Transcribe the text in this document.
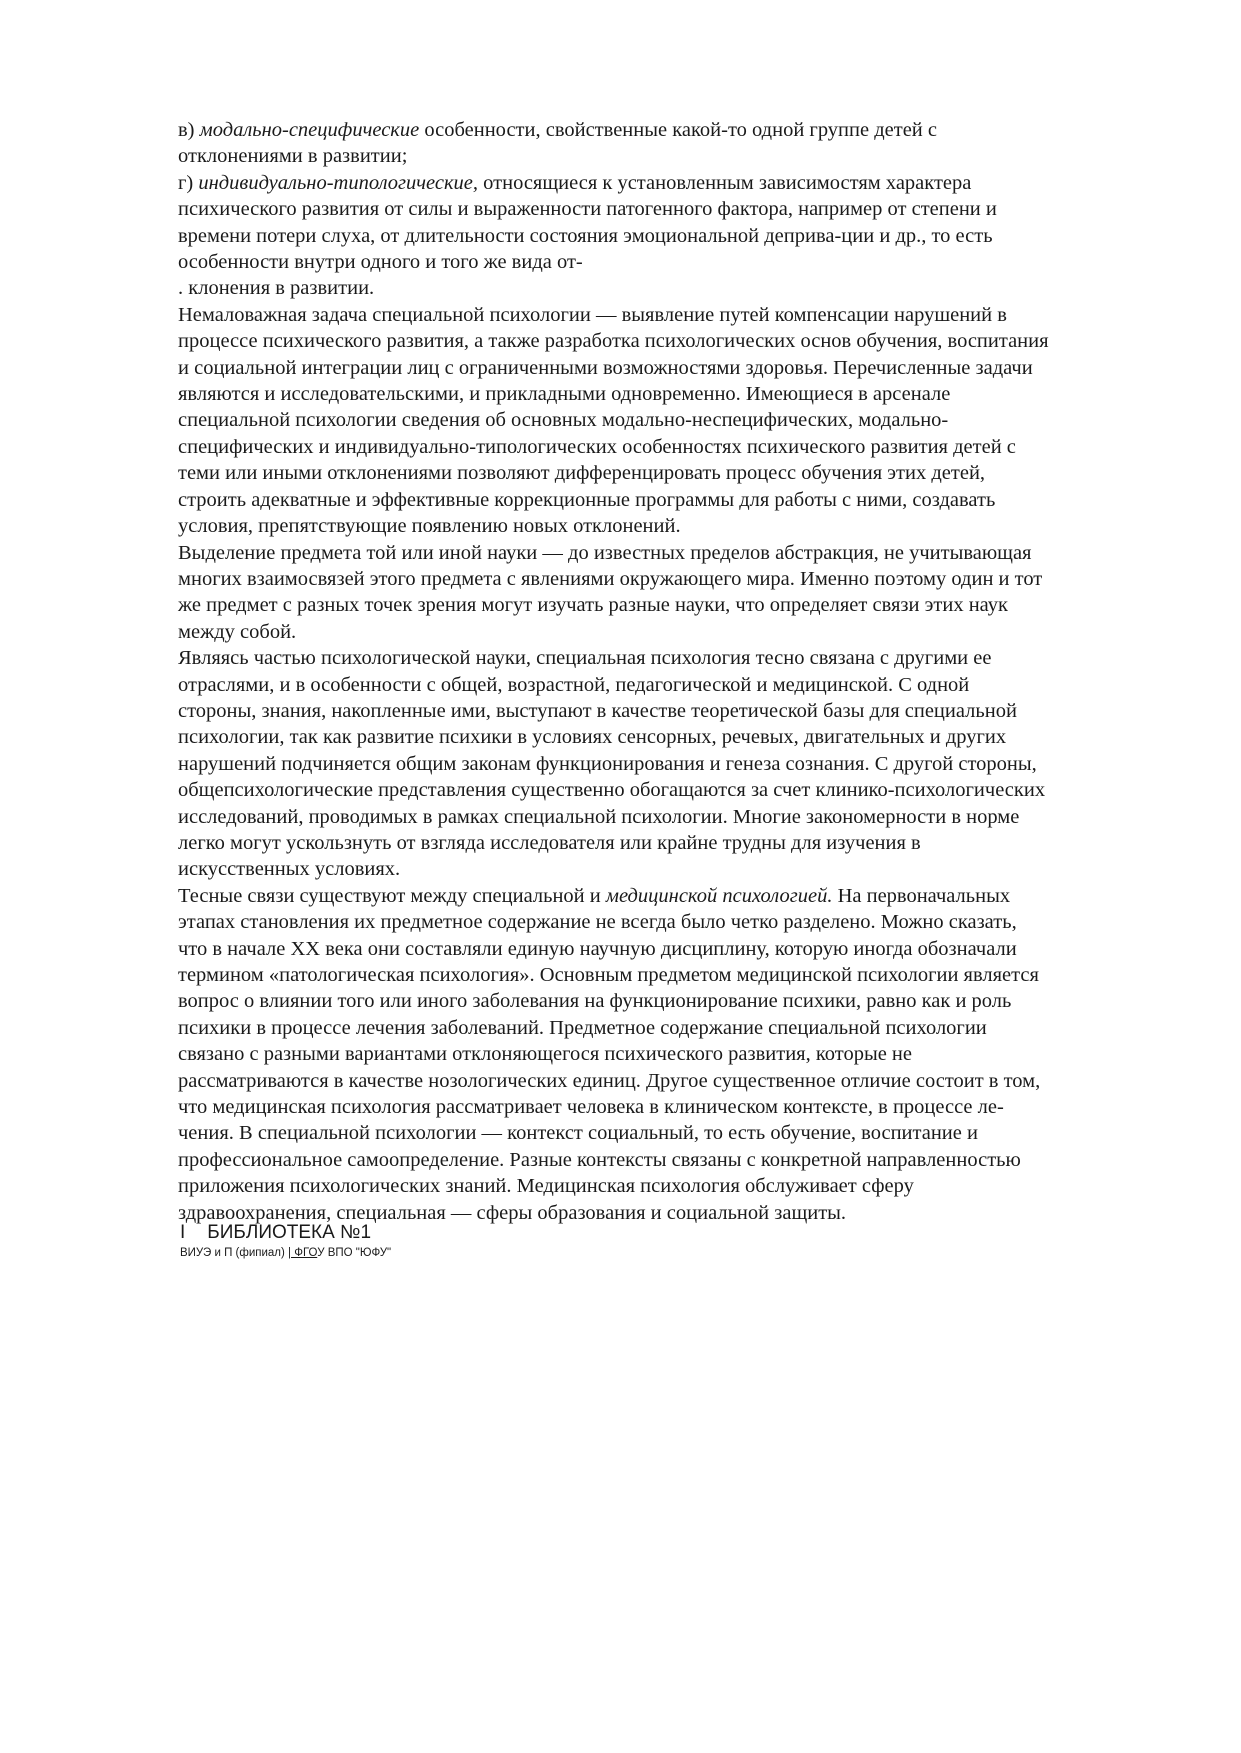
в) модально-специфические особенности, свойственные какой-то одной группе детей с
отклонениями в развитии;
г) индивидуально-типологические, относящиеся к установленным зависимостям характера
психического развития от силы и выраженности патогенного фактора, например от степени и
времени потери слуха, от длительности состояния эмоциональной деприва-ции и др., то есть
особенности внутри одного и того же вида от-
. клонения в развитии.
Немаловажная задача специальной психологии — выявление путей компенсации нарушений в
процессе психического развития, а также разработка психологических основ обучения, воспитания
и социальной интеграции лиц с ограниченными возможностями здоровья. Перечисленные задачи
являются и исследовательскими, и прикладными одновременно. Имеющиеся в арсенале
специальной психологии сведения об основных модально-неспецифических, модально-
специфических и индивидуально-типологических особенностях психического развития детей с
теми или иными отклонениями позволяют дифференцировать процесс обучения этих детей,
строить адекватные и эффективные коррекционные программы для работы с ними, создавать
условия, препятствующие появлению новых отклонений.
Выделение предмета той или иной науки — до известных пределов абстракция, не учитывающая
многих взаимосвязей этого предмета с явлениями окружающего мира. Именно поэтому один и тот
же предмет с разных точек зрения могут изучать разные науки, что определяет связи этих наук
между собой.
Являясь частью психологической науки, специальная психология тесно связана с другими ее
отраслями, и в особенности с общей, возрастной, педагогической и медицинской. С одной
стороны, знания, накопленные ими, выступают в качестве теоретической базы для специальной
психологии, так как развитие психики в условиях сенсорных, речевых, двигательных и других
нарушений подчиняется общим законам функционирования и генеза сознания. С другой стороны,
общепсихологические представления существенно обогащаются за счет клинико-психологических
исследований, проводимых в рамках специальной психологии. Многие закономерности в норме
легко могут ускользнуть от взгляда исследователя или крайне трудны для изучения в
искусственных условиях.
Тесные связи существуют между специальной и медицинской психологией. На первоначальных
этапах становления их предметное содержание не всегда было четко разделено. Можно сказать,
что в начале XX века они составляли единую научную дисциплину, которую иногда обозначали
термином «патологическая психология». Основным предметом медицинской психологии является
вопрос о влиянии того или иного заболевания на функционирование психики, равно как и роль
психики в процессе лечения заболеваний. Предметное содержание специальной психологии
связано с разными вариантами отклоняющегося психического развития, которые не
рассматриваются в качестве нозологических единиц. Другое существенное отличие состоит в том,
что медицинская психология рассматривает человека в клиническом контексте, в процессе ле-
чения. В специальной психологии — контекст социальный, то есть обучение, воспитание и
профессиональное самоопределение. Разные контексты связаны с конкретной направленностью
приложения психологических знаний. Медицинская психология обслуживает сферу
здравоохранения, специальная — сферы образования и социальной защиты.
I БИБЛИОТЕКА №1
ВИУЭ и П (фипиал) | ФГОУ ВПО "ЮФУ"
